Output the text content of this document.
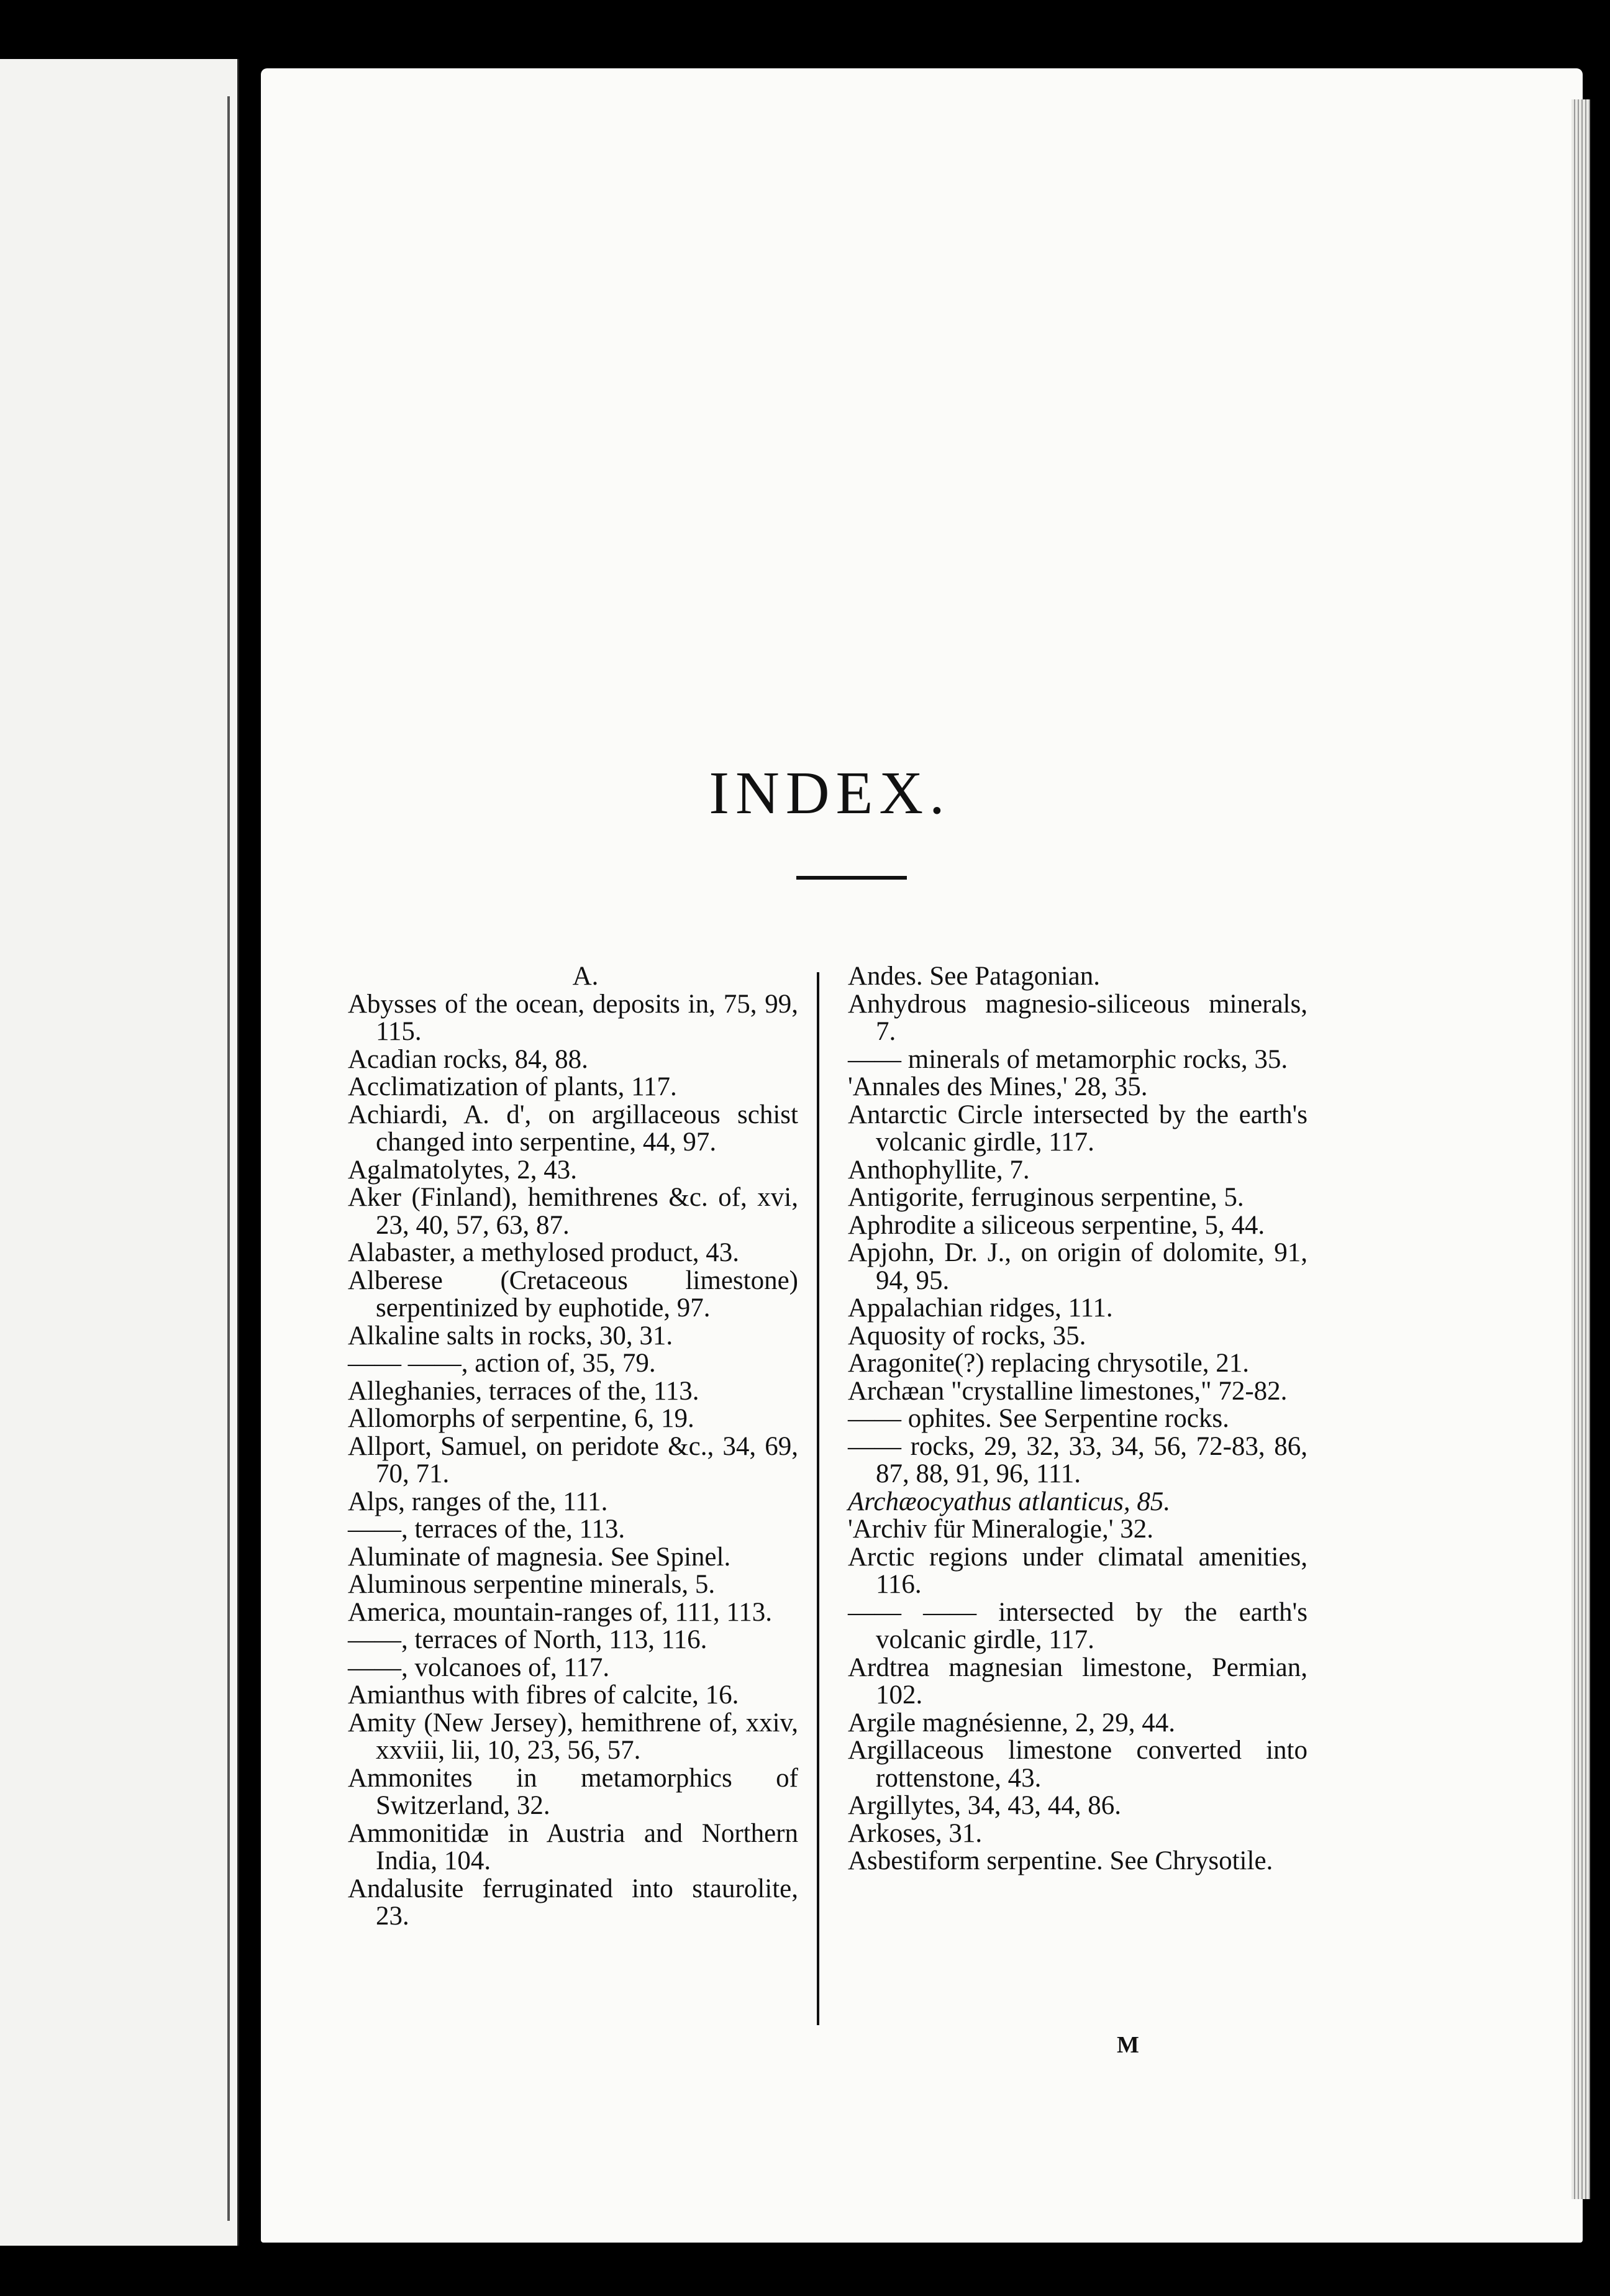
INDEX.
A.
Abysses of the ocean, deposits in, 75, 99, 115.
Acadian rocks, 84, 88.
Acclimatization of plants, 117.
Achiardi, A. d', on argillaceous schist changed into serpentine, 44, 97.
Agalmatolytes, 2, 43.
Aker (Finland), hemithrenes &c. of, xvi, 23, 40, 57, 63, 87.
Alabaster, a methylosed product, 43.
Alberese (Cretaceous limestone) serpentinized by euphotide, 97.
Alkaline salts in rocks, 30, 31.
—— ——, action of, 35, 79.
Alleghanies, terraces of the, 113.
Allomorphs of serpentine, 6, 19.
Allport, Samuel, on peridote &c., 34, 69, 70, 71.
Alps, ranges of the, 111.
——, terraces of the, 113.
Aluminate of magnesia. See Spinel.
Aluminous serpentine minerals, 5.
America, mountain-ranges of, 111, 113.
——, terraces of North, 113, 116.
——, volcanoes of, 117.
Amianthus with fibres of calcite, 16.
Amity (New Jersey), hemithrene of, xxiv, xxviii, lii, 10, 23, 56, 57.
Ammonites in metamorphics of Switzerland, 32.
Ammonitidæ in Austria and Northern India, 104.
Andalusite ferruginated into staurolite, 23.
Andes. See Patagonian.
Anhydrous magnesio-siliceous minerals, 7.
—— minerals of metamorphic rocks, 35.
'Annales des Mines,' 28, 35.
Antarctic Circle intersected by the earth's volcanic girdle, 117.
Anthophyllite, 7.
Antigorite, ferruginous serpentine, 5.
Aphrodite a siliceous serpentine, 5, 44.
Apjohn, Dr. J., on origin of dolomite, 91, 94, 95.
Appalachian ridges, 111.
Aquosity of rocks, 35.
Aragonite(?) replacing chrysotile, 21.
Archæan "crystalline limestones," 72-82.
—— ophites. See Serpentine rocks.
—— rocks, 29, 32, 33, 34, 56, 72-83, 86, 87, 88, 91, 96, 111.
Archæocyathus atlanticus, 85.
'Archiv für Mineralogie,' 32.
Arctic regions under climatal amenities, 116.
—— —— intersected by the earth's volcanic girdle, 117.
Ardtrea magnesian limestone, Permian, 102.
Argile magnésienne, 2, 29, 44.
Argillaceous limestone converted into rottenstone, 43.
Argillytes, 34, 43, 44, 86.
Arkoses, 31.
Asbestiform serpentine. See Chrysotile.
M
